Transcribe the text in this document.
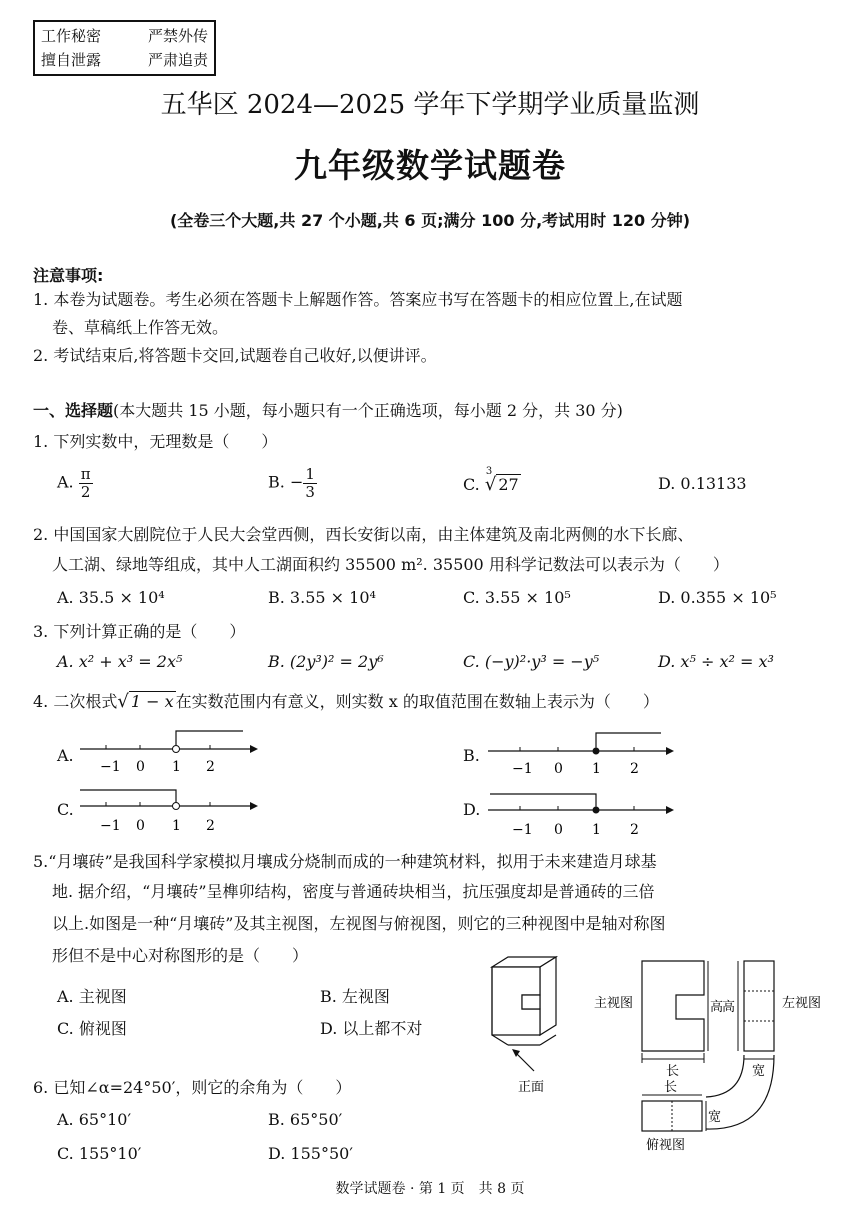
工作秘密	严禁外传
擅自泄露	严肃追责
五华区 2024—2025 学年下学期学业质量监测
九年级数学试题卷
(全卷三个大题,共 27 个小题,共 6 页;满分 100 分,考试用时 120 分钟)
注意事项:
1. 本卷为试题卷。考生必须在答题卡上解题作答。答案应书写在答题卡的相应位置上,在试题
卷、草稿纸上作答无效。
2. 考试结束后,将答题卡交回,试题卷自己收好,以便讲评。
一、选择题(本大题共 15 小题，每小题只有一个正确选项，每小题 2 分，共 30 分)
1. 下列实数中，无理数是（　　）
A. $\frac{\pi}{2}$	B. − $\frac{1}{3}$	C.
3
√ 27	D. 0.13133
2. 中国国家大剧院位于人民大会堂西侧，西长安街以南，由主体建筑及南北两侧的水下长廊、
人工湖、绿地等组成，其中人工湖面积约 35500 m². 35500 用科学记数法可以表示为（　　）
A. 35.5 × 10⁴	B. 3.55 × 10⁴	C. 3.55 × 10⁵	D. 0.355 × 10⁵
3. 下列计算正确的是（　　）
A. x² + x³ = 2x⁵	B. (2y³)² = 2y⁶	C. (−y)²·y³ = −y⁵	D. x⁵ ÷ x² = x³
4. 二次根式√ 1 − x 在实数范围内有意义，则实数 x 的取值范围在数轴上表示为（　　）
A.
−1 0 1 2
B.
−1 0 1 2
C.
−1 0 1 2
D.
−1 0 1 2
5.“月壤砖”是我国科学家模拟月壤成分烧制而成的一种建筑材料，拟用于未来建造月球基
地. 据介绍，“月壤砖”呈榫卯结构，密度与普通砖块相当，抗压强度却是普通砖的三倍
以上.如图是一种“月壤砖”及其主视图，左视图与俯视图，则它的三种视图中是轴对称图
形但不是中心对称图形的是（　　）
A. 主视图	B. 左视图
C. 俯视图	D. 以上都不对
正面
主视图
长
高
高	左视图
宽
长
宽
俯视图
6. 已知∠α=24°50′，则它的余角为（　　）
A. 65°10′	B. 65°50′
C. 155°10′	D. 155°50′
数学试题卷 · 第 1 页　共 8 页
